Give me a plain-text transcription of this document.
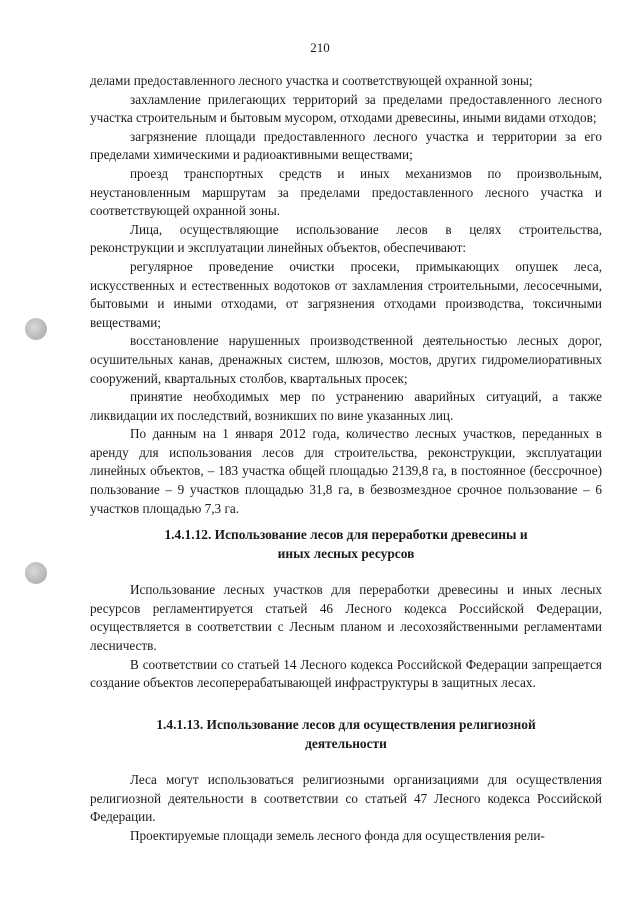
210

делами предоставленного лесного участка и соответствующей охранной зоны;

захламление прилегающих территорий за пределами предоставленного лесного участка строительным и бытовым мусором, отходами древесины, иными видами отходов;

загрязнение площади предоставленного лесного участка и территории за его пределами химическими и радиоактивными веществами;

проезд транспортных средств и иных механизмов по произвольным, неустановленным маршрутам за пределами предоставленного лесного участка и соответствующей охранной зоны.

Лица, осуществляющие использование лесов в целях строительства, реконструкции и эксплуатации линейных объектов, обеспечивают:

регулярное проведение очистки просеки, примыкающих опушек леса, искусственных и естественных водотоков от захламления строительными, лесосечными, бытовыми и иными отходами, от загрязнения отходами производства, токсичными веществами;

восстановление нарушенных производственной деятельностью лесных дорог, осушительных канав, дренажных систем, шлюзов, мостов, других гидромелиоративных сооружений, квартальных столбов, квартальных просек;

принятие необходимых мер по устранению аварийных ситуаций, а также ликвидации их последствий, возникших по вине указанных лиц.

По данным на 1 января 2012 года, количество лесных участков, переданных в аренду для использования лесов для строительства, реконструкции, эксплуатации линейных объектов, – 183 участка общей площадью 2139,8 га, в постоянное (бессрочное) пользование – 9 участков площадью 31,8 га, в безвозмездное срочное пользование – 6 участков площадью 7,3 га.

1.4.1.12. Использование лесов для переработки древесины и иных лесных ресурсов

Использование лесных участков для переработки древесины и иных лесных ресурсов регламентируется статьей 46 Лесного кодекса Российской Федерации, осуществляется в соответствии с Лесным планом и лесохозяйственными регламентами лесничеств.

В соответствии со статьей 14 Лесного кодекса Российской Федерации запрещается создание объектов лесоперерабатывающей инфраструктуры в защитных лесах.

1.4.1.13. Использование лесов для осуществления религиозной деятельности

Леса могут использоваться религиозными организациями для осуществления религиозной деятельности в соответствии со статьей 47 Лесного кодекса Российской Федерации.

Проектируемые площади земель лесного фонда для осуществления рели-
